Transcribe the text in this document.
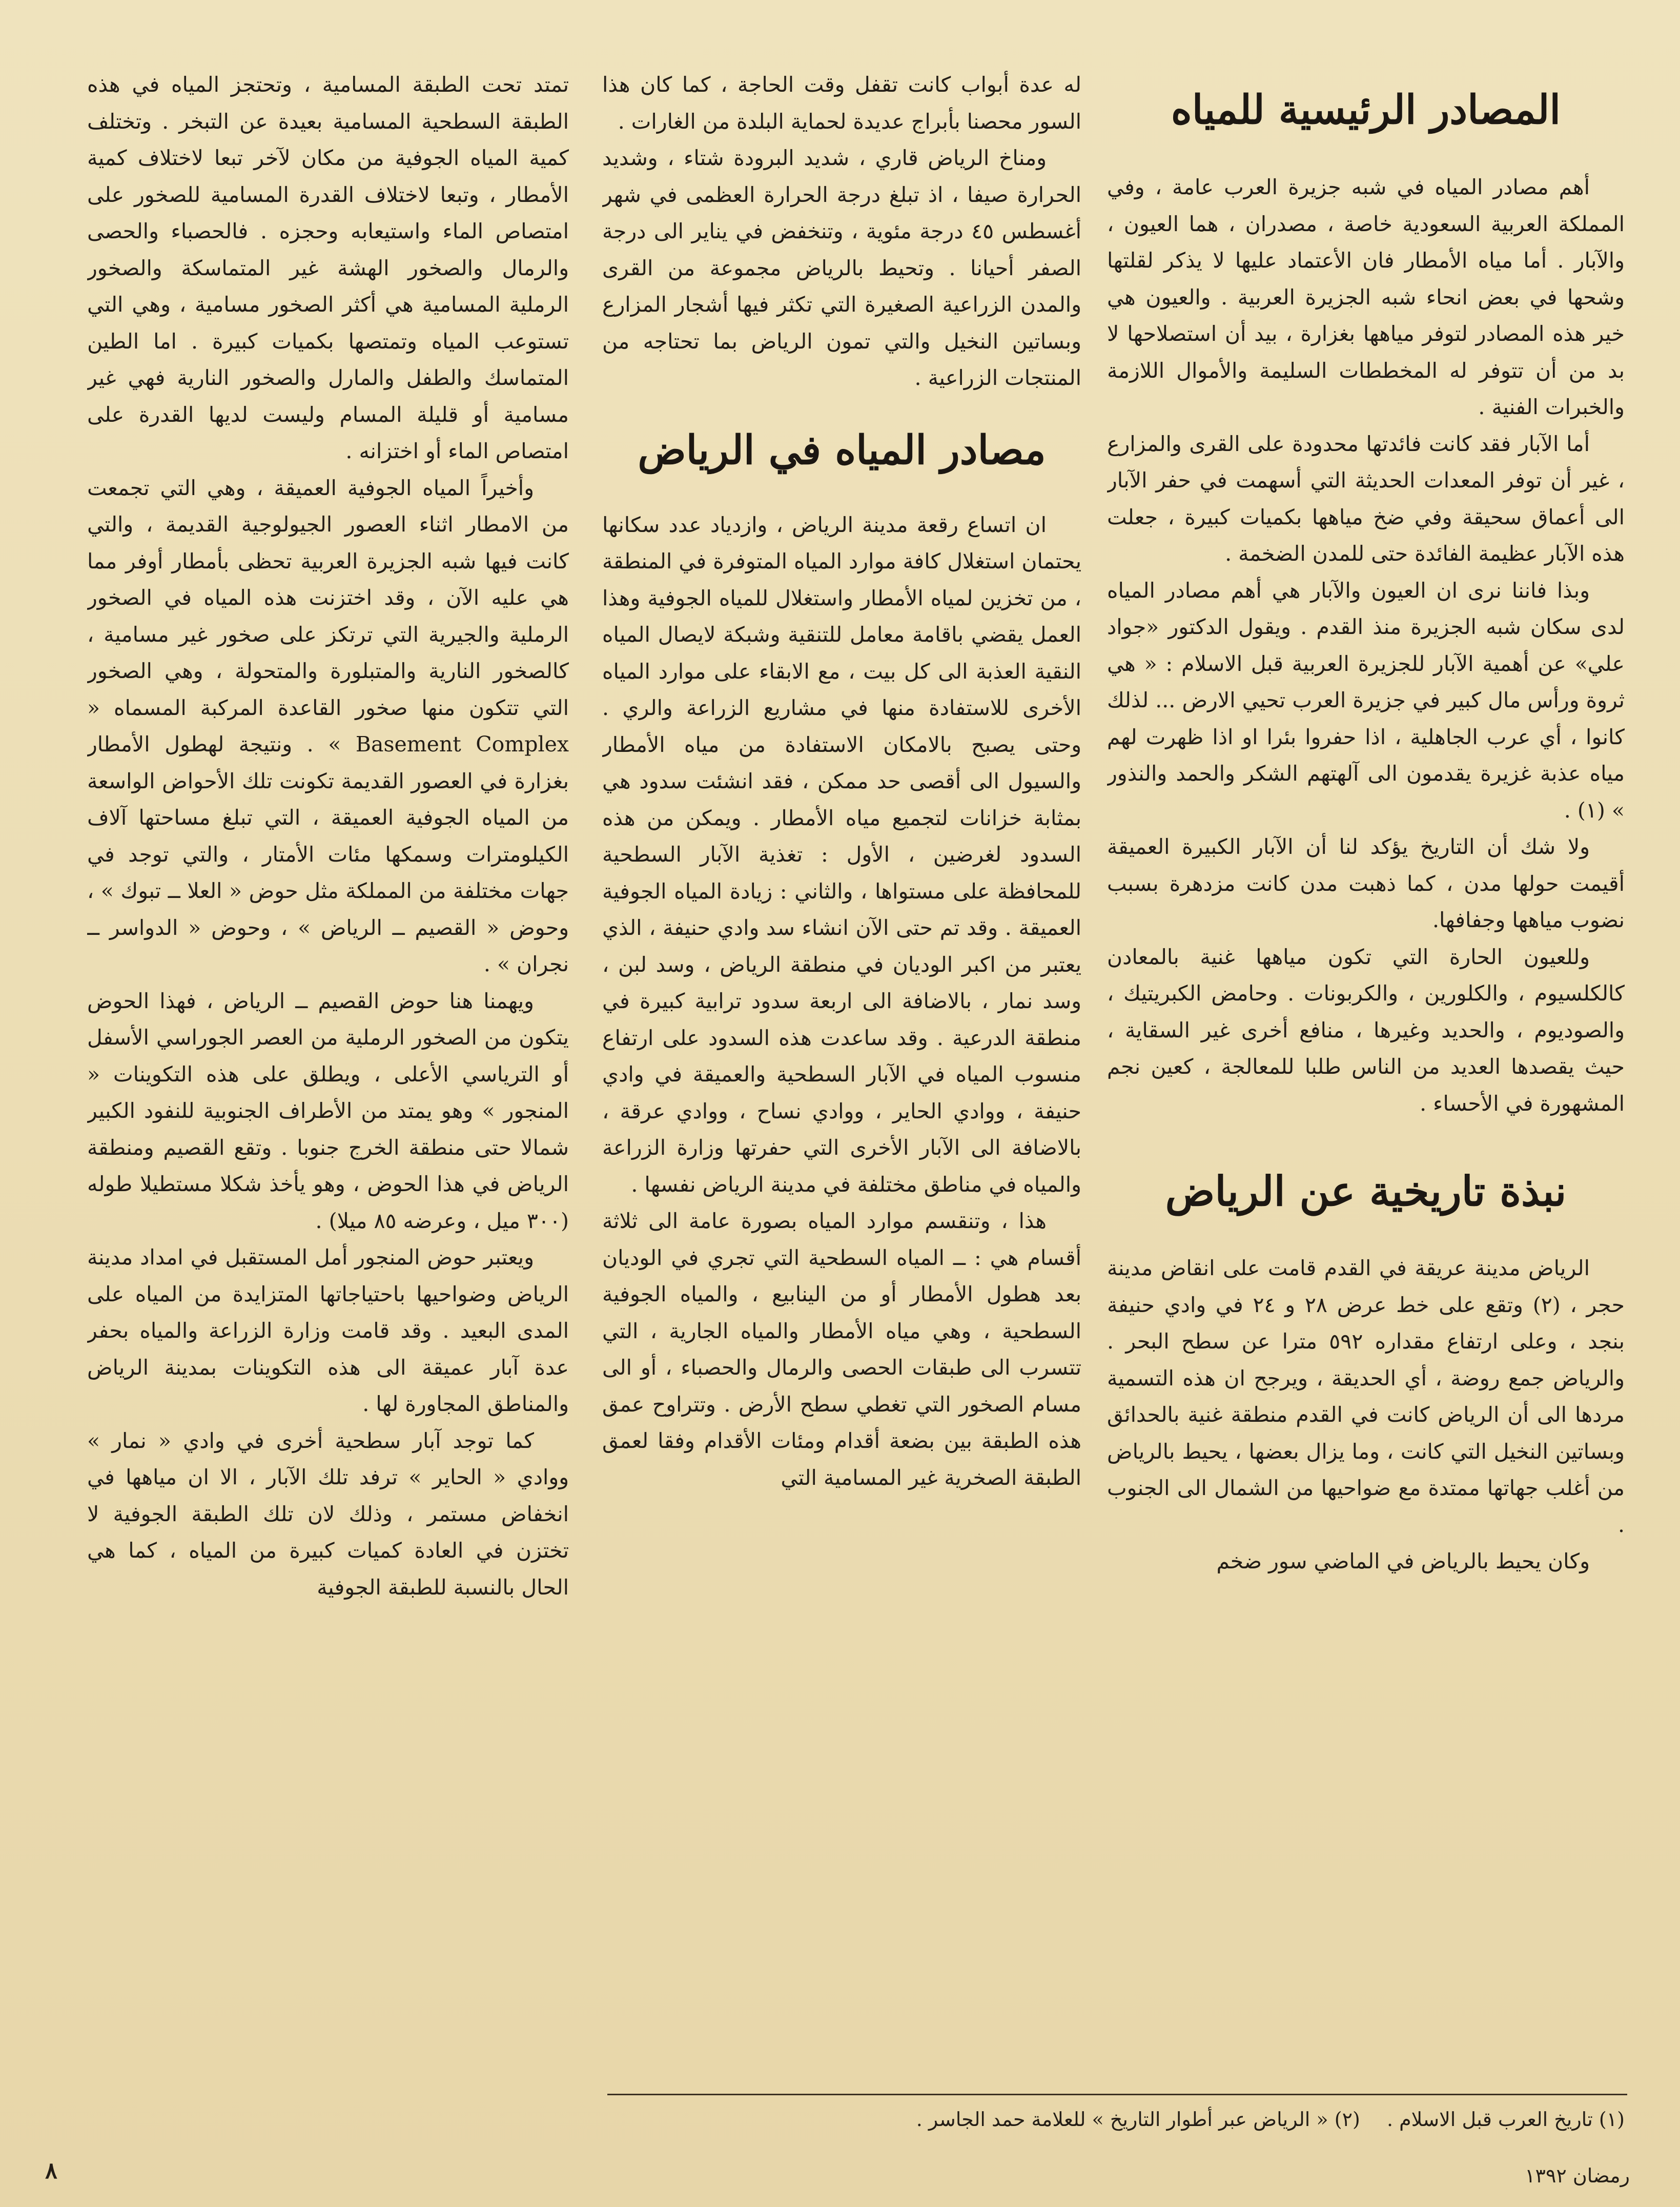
المصادر الرئيسية للمياه

أهم مصادر المياه في شبه جزيرة العرب عامة ، وفي المملكة العربية السعودية خاصة ، مصدران ، هما العيون ، والآبار . أما مياه الأمطار فان الأعتماد عليها لا يذكر لقلتها وشحها في بعض انحاء شبه الجزيرة العربية . والعيون هي خير هذه المصادر لتوفر مياهها بغزارة ، بيد أن استصلاحها لا بد من أن تتوفر له المخططات السليمة والأموال اللازمة والخبرات الفنية .

أما الآبار فقد كانت فائدتها محدودة على القرى والمزارع ، غير أن توفر المعدات الحديثة التي أسهمت في حفر الآبار الى أعماق سحيقة وفي ضخ مياهها بكميات كبيرة ، جعلت هذه الآبار عظيمة الفائدة حتى للمدن الضخمة .

وبذا فاننا نرى ان العيون والآبار هي أهم مصادر المياه لدى سكان شبه الجزيرة منذ القدم . ويقول الدكتور «جواد علي» عن أهمية الآبار للجزيرة العربية قبل الاسلام : « هي ثروة ورأس مال كبير في جزيرة العرب تحيي الارض ... لذلك كانوا ، أي عرب الجاهلية ، اذا حفروا بئرا او اذا ظهرت لهم مياه عذبة غزيرة يقدمون الى آلهتهم الشكر والحمد والنذور » (١) .

ولا شك أن التاريخ يؤكد لنا أن الآبار الكبيرة العميقة أقيمت حولها مدن ، كما ذهبت مدن كانت مزدهرة بسبب نضوب مياهها وجفافها.

وللعيون الحارة التي تكون مياهها غنية بالمعادن كالكلسيوم ، والكلورين ، والكربونات . وحامض الكبريتيك ، والصوديوم ، والحديد وغيرها ، منافع أخرى غير السقاية ، حيث يقصدها العديد من الناس طلبا للمعالجة ، كعين نجم المشهورة في الأحساء .

نبذة تاريخية عن الرياض

الرياض مدينة عريقة في القدم قامت على انقاض مدينة حجر ، (٢) وتقع على خط عرض ٢٨ و ٢٤ في وادي حنيفة بنجد ، وعلى ارتفاع مقداره ٥٩٢ مترا عن سطح البحر . والرياض جمع روضة ، أي الحديقة ، ويرجح ان هذه التسمية مردها الى أن الرياض كانت في القدم منطقة غنية بالحدائق وبساتين النخيل التي كانت ، وما يزال بعضها ، يحيط بالرياض من أغلب جهاتها ممتدة مع ضواحيها من الشمال الى الجنوب .

وكان يحيط بالرياض في الماضي سور ضخم

له عدة أبواب كانت تقفل وقت الحاجة ، كما كان هذا السور محصنا بأبراج عديدة لحماية البلدة من الغارات .

ومناخ الرياض قاري ، شديد البرودة شتاء ، وشديد الحرارة صيفا ، اذ تبلغ درجة الحرارة العظمى في شهر أغسطس ٤٥ درجة مئوية ، وتنخفض في يناير الى درجة الصفر أحيانا . وتحيط بالرياض مجموعة من القرى والمدن الزراعية الصغيرة التي تكثر فيها أشجار المزارع وبساتين النخيل والتي تمون الرياض بما تحتاجه من المنتجات الزراعية .

مصادر المياه في الرياض

ان اتساع رقعة مدينة الرياض ، وازدياد عدد سكانها يحتمان استغلال كافة موارد المياه المتوفرة في المنطقة ، من تخزين لمياه الأمطار واستغلال للمياه الجوفية وهذا العمل يقضي باقامة معامل للتنقية وشبكة لايصال المياه النقية العذبة الى كل بيت ، مع الابقاء على موارد المياه الأخرى للاستفادة منها في مشاريع الزراعة والري . وحتى يصبح بالامكان الاستفادة من مياه الأمطار والسيول الى أقصى حد ممكن ، فقد انشئت سدود هي بمثابة خزانات لتجميع مياه الأمطار . ويمكن من هذه السدود لغرضين ، الأول : تغذية الآبار السطحية للمحافظة على مستواها ، والثاني : زيادة المياه الجوفية العميقة . وقد تم حتى الآن انشاء سد وادي حنيفة ، الذي يعتبر من اكبر الوديان في منطقة الرياض ، وسد لبن ، وسد نمار ، بالاضافة الى اربعة سدود ترابية كبيرة في منطقة الدرعية . وقد ساعدت هذه السدود على ارتفاع منسوب المياه في الآبار السطحية والعميقة في وادي حنيفة ، ووادي الحاير ، ووادي نساح ، ووادي عرقة ، بالاضافة الى الآبار الأخرى التي حفرتها وزارة الزراعة والمياه في مناطق مختلفة في مدينة الرياض نفسها .

هذا ، وتنقسم موارد المياه بصورة عامة الى ثلاثة أقسام هي : ــ المياه السطحية التي تجري في الوديان بعد هطول الأمطار أو من الينابيع ، والمياه الجوفية السطحية ، وهي مياه الأمطار والمياه الجارية ، التي تتسرب الى طبقات الحصى والرمال والحصباء ، أو الى مسام الصخور التي تغطي سطح الأرض . وتتراوح عمق هذه الطبقة بين بضعة أقدام ومئات الأقدام وفقا لعمق الطبقة الصخرية غير المسامية التي

تمتد تحت الطبقة المسامية ، وتحتجز المياه في هذه الطبقة السطحية المسامية بعيدة عن التبخر . وتختلف كمية المياه الجوفية من مكان لآخر تبعا لاختلاف كمية الأمطار ، وتبعا لاختلاف القدرة المسامية للصخور على امتصاص الماء واستيعابه وحجزه . فالحصباء والحصى والرمال والصخور الهشة غير المتماسكة والصخور الرملية المسامية هي أكثر الصخور مسامية ، وهي التي تستوعب المياه وتمتصها بكميات كبيرة . اما الطين المتماسك والطفل والمارل والصخور النارية فهي غير مسامية أو قليلة المسام وليست لديها القدرة على امتصاص الماء أو اختزانه .

وأخيراً المياه الجوفية العميقة ، وهي التي تجمعت من الامطار اثناء العصور الجيولوجية القديمة ، والتي كانت فيها شبه الجزيرة العربية تحظى بأمطار أوفر مما هي عليه الآن ، وقد اختزنت هذه المياه في الصخور الرملية والجيرية التي ترتكز على صخور غير مسامية ، كالصخور النارية والمتبلورة والمتحولة ، وهي الصخور التي تتكون منها صخور القاعدة المركبة المسماه « Basement Complex » . ونتيجة لهطول الأمطار بغزارة في العصور القديمة تكونت تلك الأحواض الواسعة من المياه الجوفية العميقة ، التي تبلغ مساحتها آلاف الكيلومترات وسمكها مئات الأمتار ، والتي توجد في جهات مختلفة من المملكة مثل حوض « العلا ــ تبوك » ، وحوض « القصيم ــ الرياض » ، وحوض « الدواسر ــ نجران » .

ويهمنا هنا حوض القصيم ــ الرياض ، فهذا الحوض يتكون من الصخور الرملية من العصر الجوراسي الأسفل أو الترياسي الأعلى ، ويطلق على هذه التكوينات « المنجور » وهو يمتد من الأطراف الجنوبية للنفود الكبير شمالا حتى منطقة الخرج جنوبا . وتقع القصيم ومنطقة الرياض في هذا الحوض ، وهو يأخذ شكلا مستطيلا طوله (٣٠٠ ميل ، وعرضه ٨٥ ميلا) .

ويعتبر حوض المنجور أمل المستقبل في امداد مدينة الرياض وضواحيها باحتياجاتها المتزايدة من المياه على المدى البعيد . وقد قامت وزارة الزراعة والمياه بحفر عدة آبار عميقة الى هذه التكوينات بمدينة الرياض والمناطق المجاورة لها .

كما توجد آبار سطحية أخرى في وادي « نمار » ووادي « الحاير » ترفد تلك الآبار ، الا ان مياهها في انخفاض مستمر ، وذلك لان تلك الطبقة الجوفية لا تختزن في العادة كميات كبيرة من المياه ، كما هي الحال بالنسبة للطبقة الجوفية

(١) تاريخ العرب قبل الاسلام . (٢) « الرياض عبر أطوار التاريخ » للعلامة حمد الجاسر .
رمضان ١٣٩٢
٨
